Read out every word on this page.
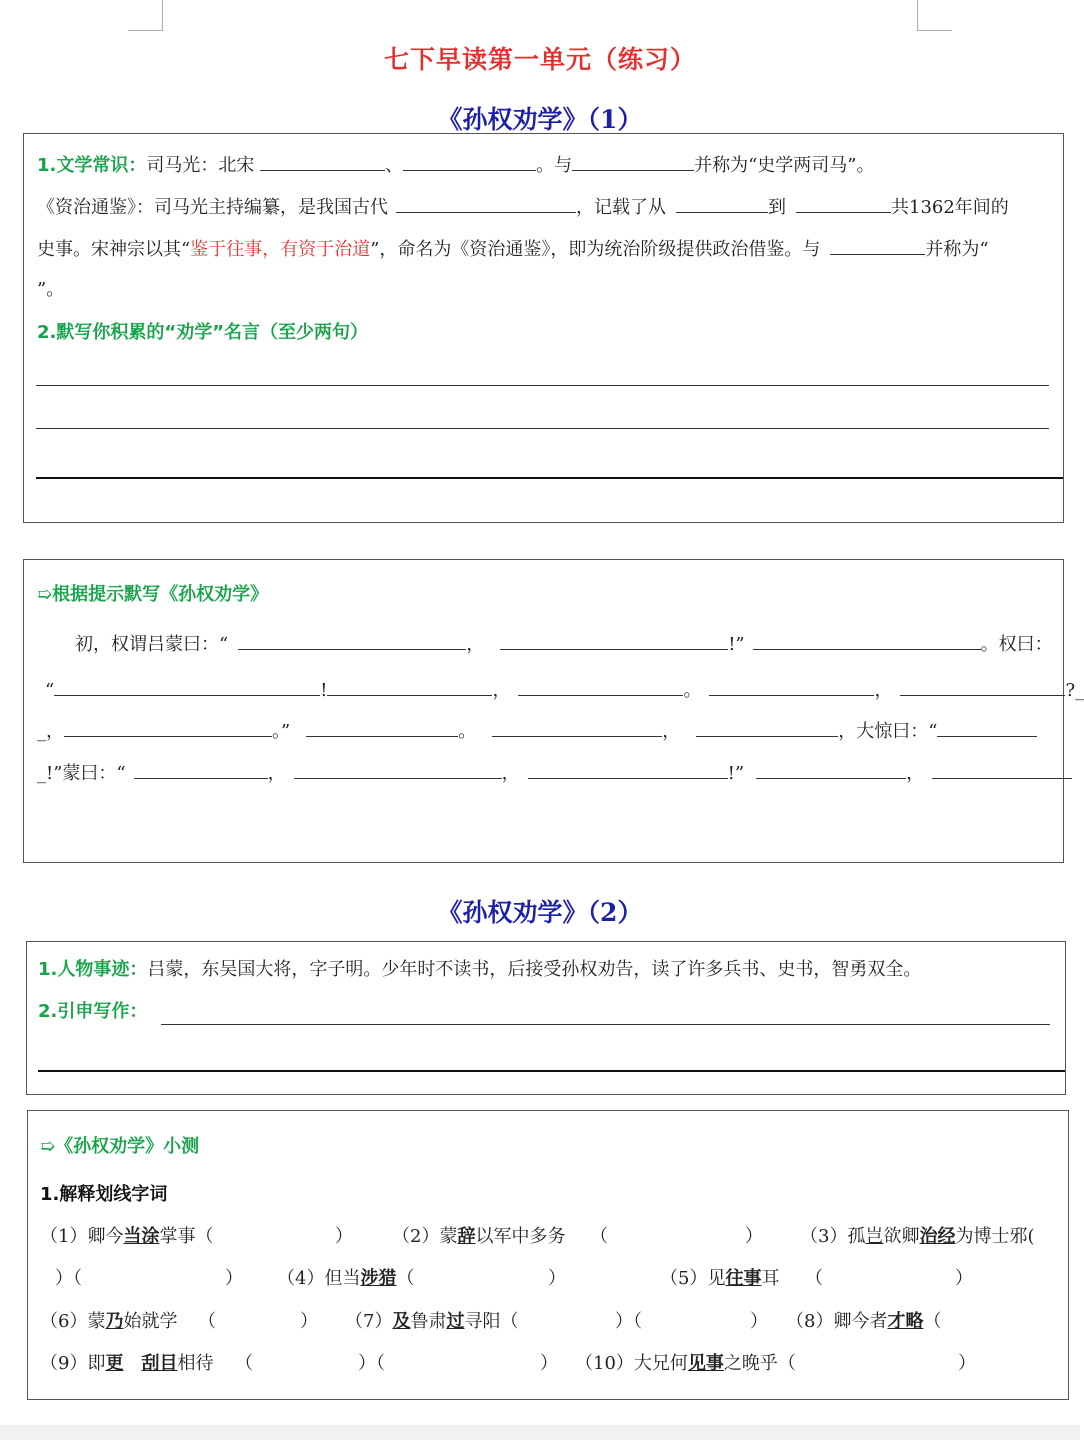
七下早读第一单元（练习）
《孙权劝学》（1）
1.文学常识：司马光：北宋	、	。与	并称为“史学两司马”。
《资治通鉴》：司马光主持编纂，是我国古代	，记载了从	到	共1362年间的
史事。宋神宗以其“鉴于往事，有资于治道”，命名为《资治通鉴》，即为统治阶级提供政治借鉴。与	并称为“
”。
2.默写你积累的“劝学”名言（至少两句）
➯根据提示默写《孙权劝学》
初，权谓吕蒙曰：“	，	!”	。权曰：
“	!	，	。	，	?_
_，	。”	。	，	，大惊曰：“
_!”蒙曰：“	，	，	!”	，
《孙权劝学》（2）
1.人物事迹：吕蒙，东吴国大将，字子明。少年时不读书，后接受孙权劝告，读了许多兵书、史书，智勇双全。
2.引申写作：
➯《孙权劝学》小测
1.解释划线字词
（1）卿今当涂掌事（	） （2）蒙辞以军中多务 （	） （3）孤岂欲卿治经为博士邪(
）（	） （4）但当涉猎（	）	（5）见往事耳 （	）
（6）蒙乃始就学 （	） （7）及鲁肃过寻阳（	）（	） （8）卿今者才略（
（9）即更 刮目相待 （	）（	） （10）大兄何见事之晚乎（	）
